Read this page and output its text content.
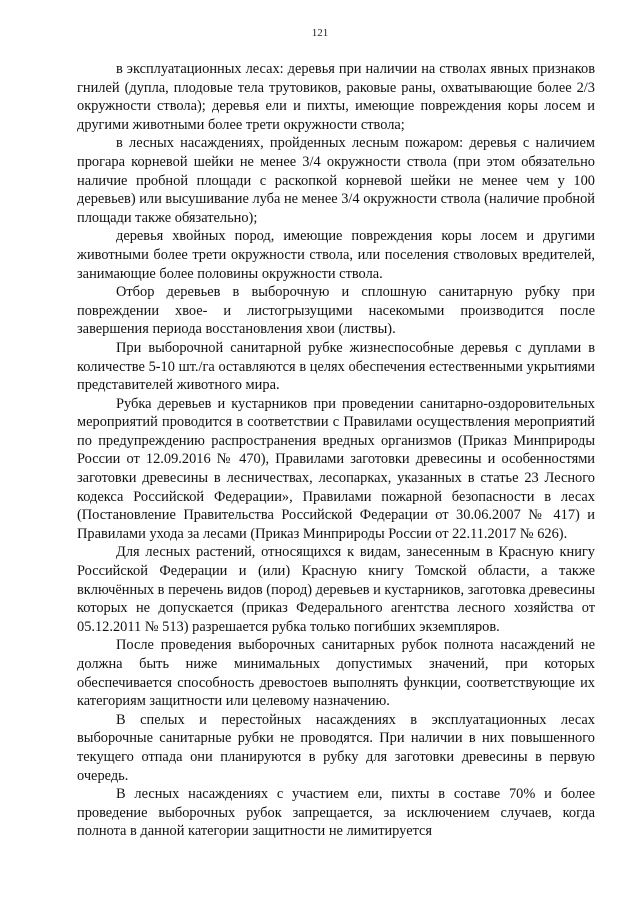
121

в эксплуатационных лесах: деревья при наличии на стволах явных признаков гнилей (дупла, плодовые тела трутовиков, раковые раны, охватывающие более 2/3 окружности ствола); деревья ели и пихты, имеющие повреждения коры лосем и другими животными более трети окружности ствола;

в лесных насаждениях, пройденных лесным пожаром: деревья с наличием прогара корневой шейки не менее 3/4 окружности ствола (при этом обязательно наличие пробной площади с раскопкой корневой шейки не менее чем у 100 деревьев) или высушивание луба не менее 3/4 окружности ствола (наличие пробной площади также обязательно);

деревья хвойных пород, имеющие повреждения коры лосем и другими животными более трети окружности ствола, или поселения стволовых вредителей, занимающие более половины окружности ствола.

Отбор деревьев в выборочную и сплошную санитарную рубку при повреждении хвое- и листогрызущими насекомыми производится после завершения периода восстановления хвои (листвы).

При выборочной санитарной рубке жизнеспособные деревья с дуплами в количестве 5-10 шт./га оставляются в целях обеспечения естественными укрытиями представителей животного мира.

Рубка деревьев и кустарников при проведении санитарно-оздоровительных мероприятий проводится в соответствии с Правилами осуществления мероприятий по предупреждению распространения вредных организмов (Приказ Минприроды России от 12.09.2016 № 470), Правилами заготовки древесины и особенностями заготовки древесины в лесничествах, лесопарках, указанных в статье 23 Лесного кодекса Российской Федерации», Правилами пожарной безопасности в лесах (Постановление Правительства Российской Федерации от 30.06.2007 № 417) и Правилами ухода за лесами (Приказ Минприроды России от 22.11.2017 № 626).

Для лесных растений, относящихся к видам, занесенным в Красную книгу Российской Федерации и (или) Красную книгу Томской области, а также включённых в перечень видов (пород) деревьев и кустарников, заготовка древесины которых не допускается (приказ Федерального агентства лесного хозяйства от 05.12.2011 № 513) разрешается рубка только погибших экземпляров.

После проведения выборочных санитарных рубок полнота насаждений не должна быть ниже минимальных допустимых значений, при которых обеспечивается способность древостоев выполнять функции, соответствующие их категориям защитности или целевому назначению.

В спелых и перестойных насаждениях в эксплуатационных лесах выборочные санитарные рубки не проводятся. При наличии в них повышенного текущего отпада они планируются в рубку для заготовки древесины в первую очередь.

В лесных насаждениях с участием ели, пихты в составе 70% и более проведение выборочных рубок запрещается, за исключением случаев, когда полнота в данной категории защитности не лимитируется
